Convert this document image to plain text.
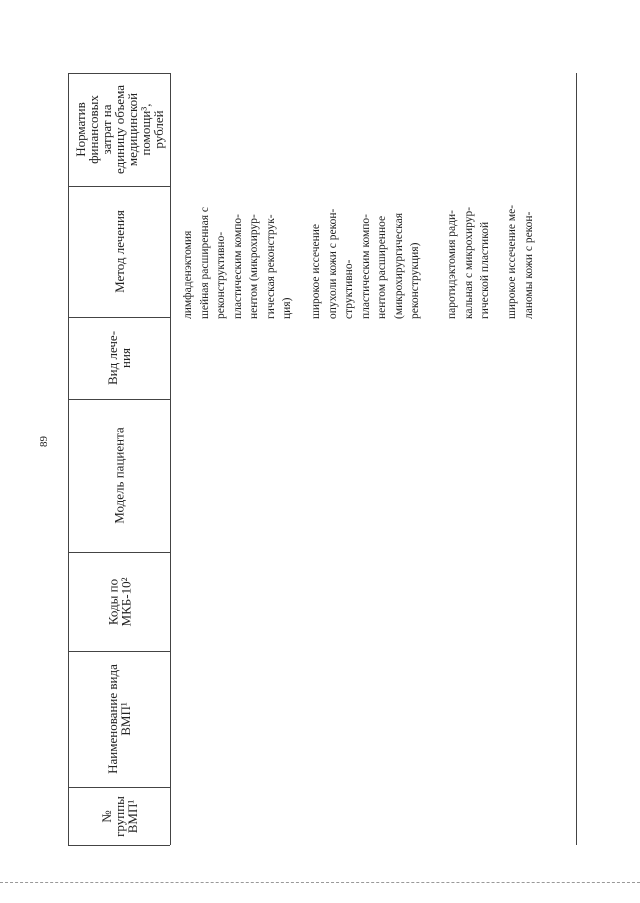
89
Норматив
финансовых
затрат на
единицу объема
медицинской
помощи³,
рублей
Метод лечения
Вид лече-
ния
Модель пациента
Коды по
МКБ-10²
Наименование вида
ВМП¹
№
группы
ВМП¹
лимфаденэктомия
шейная расширенная с
реконструктивно-
пластическим компо-
нентом (микрохирур-
гическая реконструк-
ция) широкое иссечение
опухоли кожи с рекон-
структивно-
пластическим компо-
нентом расширенное
(микрохирургическая
реконструкция) паротидэктомия ради-
кальная с микрохирур-
гической пластикой
широкое иссечение ме-
ланомы кожи с рекон-
